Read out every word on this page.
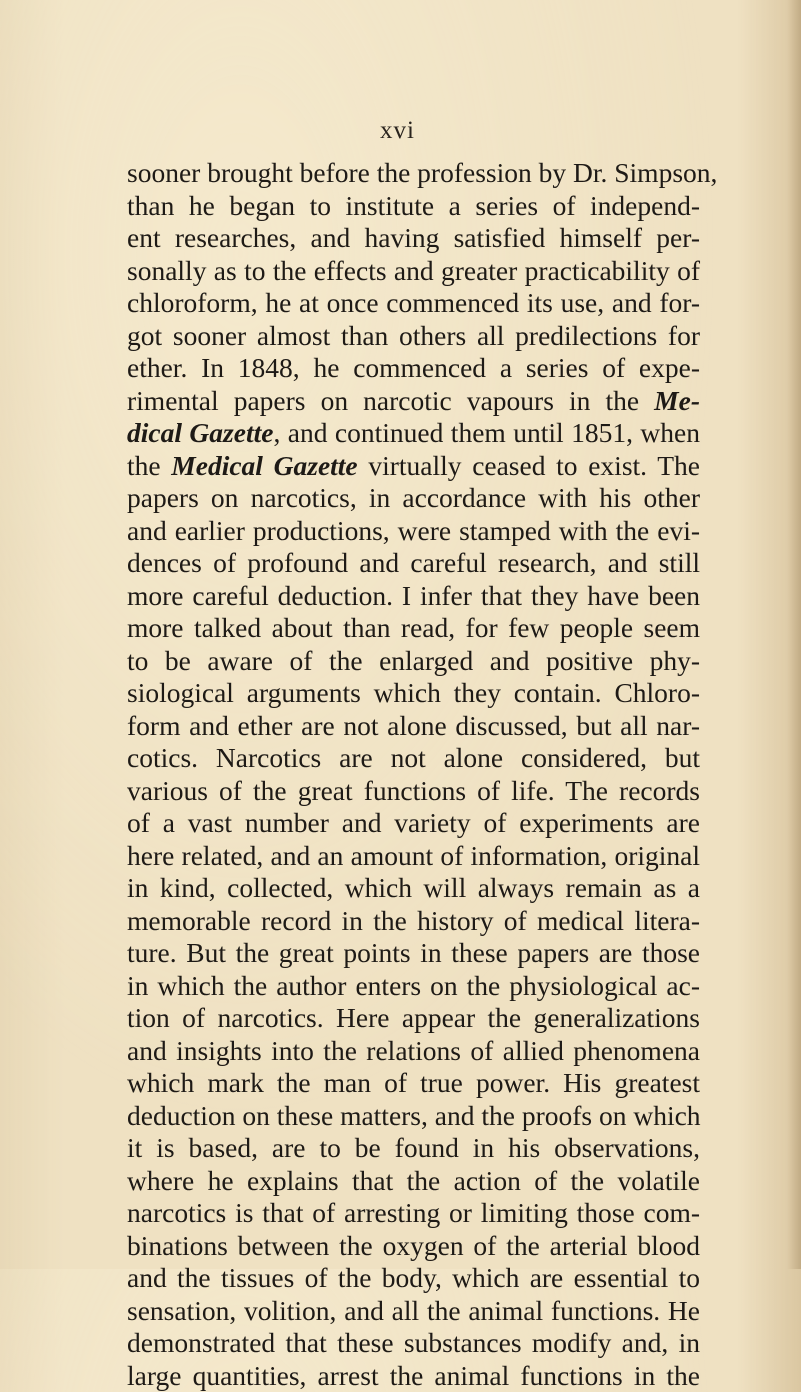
xvi
sooner brought before the profession by Dr. Simpson,
than he began to institute a series of independ-
ent researches, and having satisfied himself per-
sonally as to the effects and greater practicability of
chloroform, he at once commenced its use, and for-
got sooner almost than others all predilections for
ether. In 1848, he commenced a series of expe-
rimental papers on narcotic vapours in the Me-
dical Gazette, and continued them until 1851, when
the Medical Gazette virtually ceased to exist. The
papers on narcotics, in accordance with his other
and earlier productions, were stamped with the evi-
dences of profound and careful research, and still
more careful deduction. I infer that they have been
more talked about than read, for few people seem
to be aware of the enlarged and positive phy-
siological arguments which they contain. Chloro-
form and ether are not alone discussed, but all nar-
cotics. Narcotics are not alone considered, but
various of the great functions of life. The records
of a vast number and variety of experiments are
here related, and an amount of information, original
in kind, collected, which will always remain as a
memorable record in the history of medical litera-
ture. But the great points in these papers are those
in which the author enters on the physiological ac-
tion of narcotics. Here appear the generalizations
and insights into the relations of allied phenomena
which mark the man of true power. His greatest
deduction on these matters, and the proofs on which
it is based, are to be found in his observations,
where he explains that the action of the volatile
narcotics is that of arresting or limiting those com-
binations between the oxygen of the arterial blood
and the tissues of the body, which are essential to
sensation, volition, and all the animal functions. He
demonstrated that these substances modify and, in
large quantities, arrest the animal functions in the
